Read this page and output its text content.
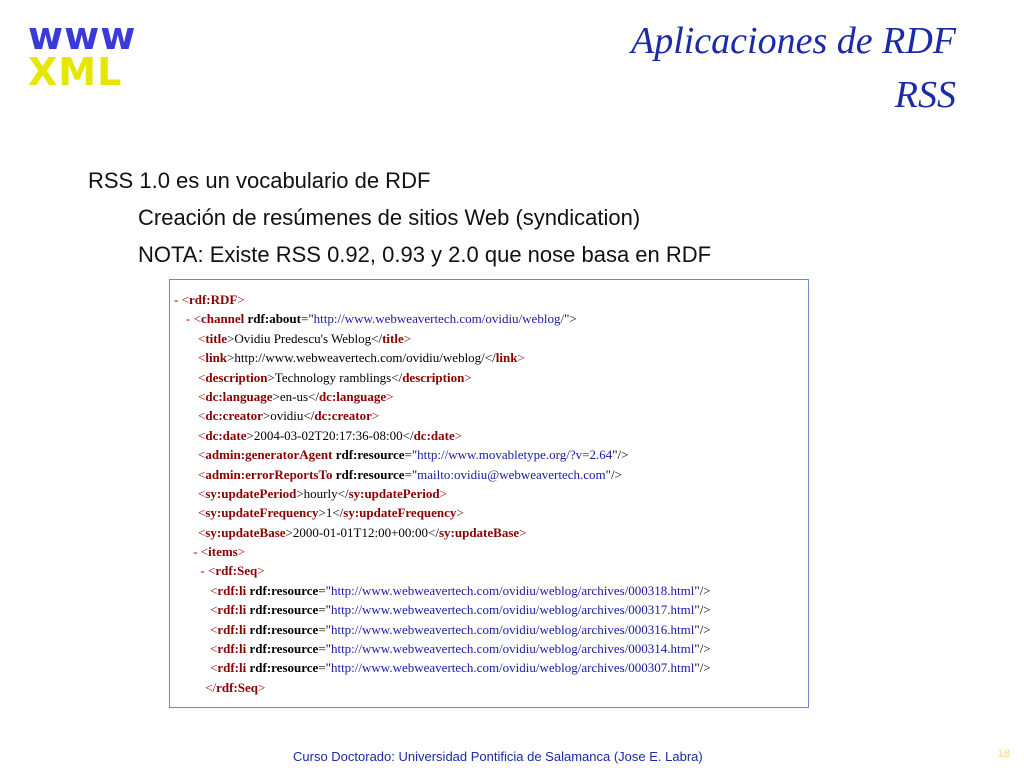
www
XML
Aplicaciones de RDF
RSS
RSS 1.0 es un vocabulario de RDF
Creación de resúmenes de sitios Web (syndication)
NOTA: Existe RSS 0.92, 0.93 y 2.0 que nose basa en RDF
- <rdf:RDF>
- <channel rdf:about="http://www.webweavertech.com/ovidiu/weblog/">
<title>Ovidiu Predescu's Weblog</title>
<link>http://www.webweavertech.com/ovidiu/weblog/</link>
<description>Technology ramblings</description>
<dc:language>en-us</dc:language>
<dc:creator>ovidiu</dc:creator>
<dc:date>2004-03-02T20:17:36-08:00</dc:date>
<admin:generatorAgent rdf:resource="http://www.movabletype.org/?v=2.64"/>
<admin:errorReportsTo rdf:resource="mailto:ovidiu@webweavertech.com"/>
<sy:updatePeriod>hourly</sy:updatePeriod>
<sy:updateFrequency>1</sy:updateFrequency>
<sy:updateBase>2000-01-01T12:00+00:00</sy:updateBase>
- <items>
- <rdf:Seq>
<rdf:li rdf:resource="http://www.webweavertech.com/ovidiu/weblog/archives/000318.html"/>
<rdf:li rdf:resource="http://www.webweavertech.com/ovidiu/weblog/archives/000317.html"/>
<rdf:li rdf:resource="http://www.webweavertech.com/ovidiu/weblog/archives/000316.html"/>
<rdf:li rdf:resource="http://www.webweavertech.com/ovidiu/weblog/archives/000314.html"/>
<rdf:li rdf:resource="http://www.webweavertech.com/ovidiu/weblog/archives/000307.html"/>
</rdf:Seq>
Curso Doctorado: Universidad Pontificia de Salamanca (Jose E. Labra)	18
